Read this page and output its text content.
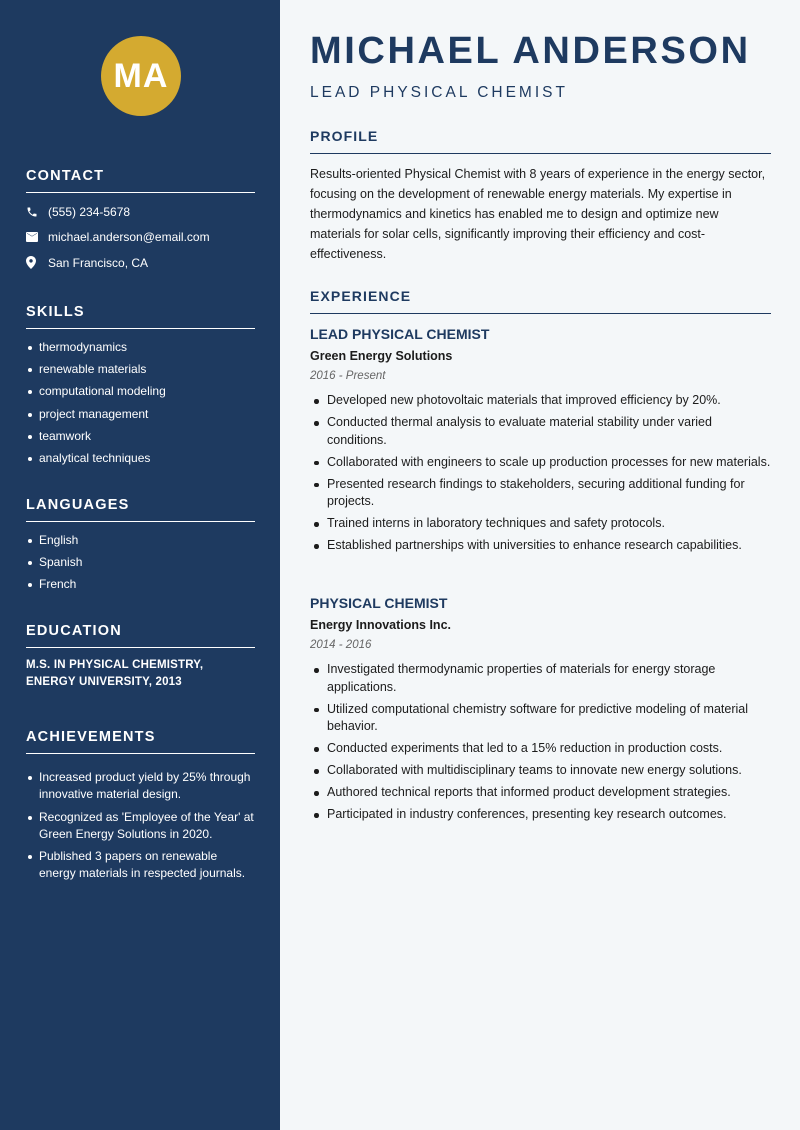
MA
CONTACT
(555) 234-5678
michael.anderson@email.com
San Francisco, CA
SKILLS
thermodynamics
renewable materials
computational modeling
project management
teamwork
analytical techniques
LANGUAGES
English
Spanish
French
EDUCATION
M.S. IN PHYSICAL CHEMISTRY, ENERGY UNIVERSITY, 2013
ACHIEVEMENTS
Increased product yield by 25% through innovative material design.
Recognized as 'Employee of the Year' at Green Energy Solutions in 2020.
Published 3 papers on renewable energy materials in respected journals.
MICHAEL ANDERSON
LEAD PHYSICAL CHEMIST
PROFILE

Results-oriented Physical Chemist with 8 years of experience in the energy sector, focusing on the development of renewable energy materials. My expertise in thermodynamics and kinetics has enabled me to design and optimize new materials for solar cells, significantly improving their efficiency and cost-effectiveness.

EXPERIENCE
LEAD PHYSICAL CHEMIST
Green Energy Solutions
2016 - Present
Developed new photovoltaic materials that improved efficiency by 20%.
Conducted thermal analysis to evaluate material stability under varied conditions.
Collaborated with engineers to scale up production processes for new materials.
Presented research findings to stakeholders, securing additional funding for projects.
Trained interns in laboratory techniques and safety protocols.
Established partnerships with universities to enhance research capabilities.
PHYSICAL CHEMIST
Energy Innovations Inc.
2014 - 2016
Investigated thermodynamic properties of materials for energy storage applications.
Utilized computational chemistry software for predictive modeling of material behavior.
Conducted experiments that led to a 15% reduction in production costs.
Collaborated with multidisciplinary teams to innovate new energy solutions.
Authored technical reports that informed product development strategies.
Participated in industry conferences, presenting key research outcomes.
